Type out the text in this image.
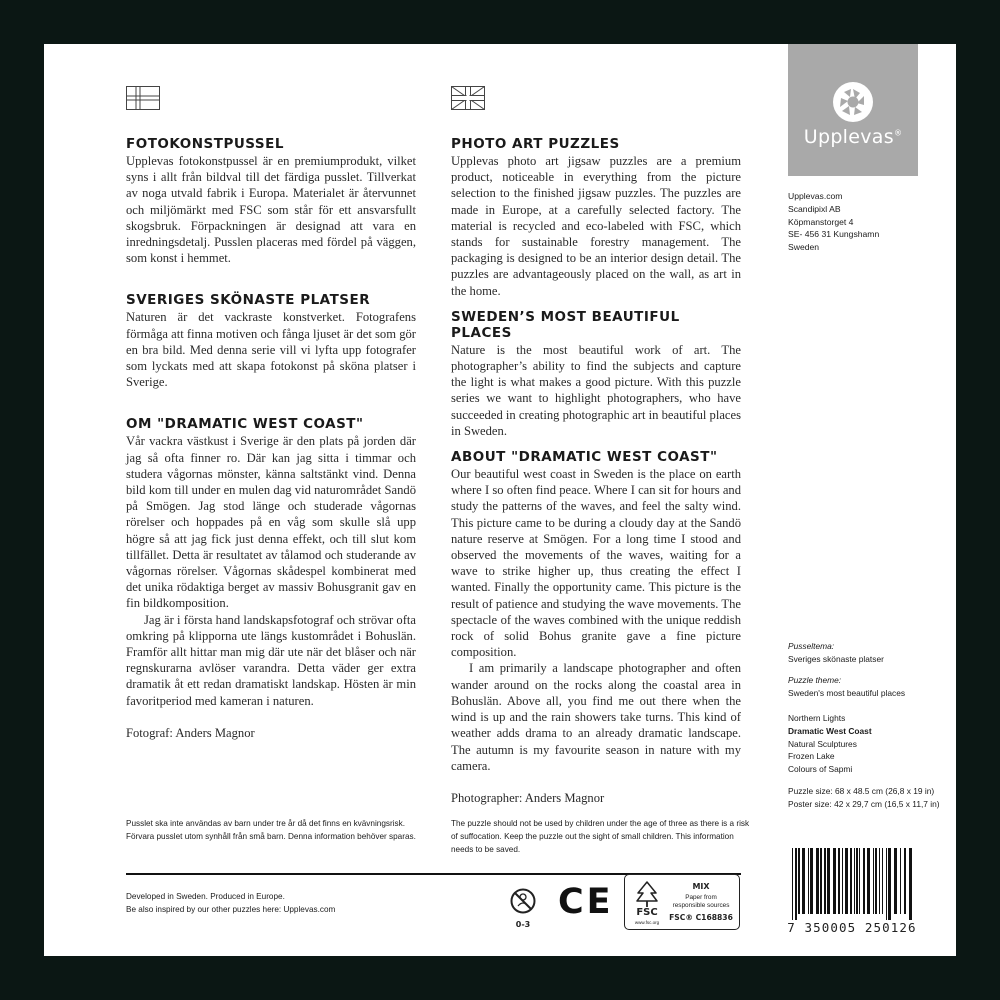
FOTOKONSTPUSSEL

Upplevas fotokonstpussel är en premiumprodukt, vilket syns i allt från bildval till det färdiga pusslet. Tillverkat av noga utvald fabrik i Europa. Materialet är återvunnet och miljömärkt med FSC som står för ett ansvarsfullt skogsbruk. Förpackningen är designad att vara en inredningsdetalj. Pusslen placeras med fördel på väggen, som konst i hemmet.

SVERIGES SKÖNASTE PLATSER

Naturen är det vackraste konstverket. Fotografens förmåga att finna motiven och fånga ljuset är det som gör en bra bild. Med denna serie vill vi lyfta upp fotografer som lyckats med att skapa fotokonst på sköna platser i Sverige.

OM "DRAMATIC WEST COAST"

Vår vackra västkust i Sverige är den plats på jorden där jag så ofta finner ro. Där kan jag sitta i timmar och studera vågornas mönster, känna saltstänkt vind. Denna bild kom till under en mulen dag vid naturområdet Sandö på Smögen. Jag stod länge och studerade vågornas rörelser och hoppades på en våg som skulle slå upp högre så att jag fick just denna effekt, och till slut kom tillfället. Detta är resultatet av tålamod och studerande av vågornas rörelser. Vågornas skådespel kombinerat med det unika rödaktiga berget av massiv Bohusgranit gav en fin bildkomposition.

Jag är i första hand landskapsfotograf och strövar ofta omkring på klipporna ute längs kustområdet i Bohuslän. Framför allt hittar man mig där ute när det blåser och när regnskurarna avlöser varandra. Detta väder ger extra dramatik åt ett redan dramatiskt landskap. Hösten är min favoritperiod med kameran i naturen.

Fotograf: Anders Magnor

PHOTO ART PUZZLES

Upplevas photo art jigsaw puzzles are a premium product, noticeable in everything from the picture selection to the finished jigsaw puzzles. The puzzles are made in Europe, at a carefully selected factory. The material is recycled and eco-labeled with FSC, which stands for sustainable forestry management. The packaging is designed to be an interior design detail. The puzzles are advantageously placed on the wall, as art in the home.

SWEDEN’S MOST BEAUTIFUL PLACES

Nature is the most beautiful work of art. The photographer’s ability to find the subjects and capture the light is what makes a good picture. With this puzzle series we want to highlight photographers, who have succeeded in creating photographic art in beautiful places in Sweden.

ABOUT "DRAMATIC WEST COAST"

Our beautiful west coast in Sweden is the place on earth where I so often find peace. Where I can sit for hours and study the patterns of the waves, and feel the salty wind. This picture came to be during a cloudy day at the Sandö nature reserve at Smögen. For a long time I stood and observed the movements of the waves, waiting for a wave to strike higher up, thus creating the effect I wanted. Finally the opportunity came. This picture is the result of patience and studying the wave movements. The spectacle of the waves combined with the unique reddish rock of solid Bohus granite gave a fine picture composition.

I am primarily a landscape photographer and often wander around on the rocks along the coastal area in Bohuslän. Above all, you find me out there when the wind is up and the rain showers take turns. This kind of weather adds drama to an already dramatic landscape. The autumn is my favourite season in nature with my camera.

Photographer: Anders Magnor

Upplevas®
Upplevas.com
Scandipixl AB
Köpmanstorget 4
SE- 456 31 Kungshamn
Sweden
Pusseltema:
Sveriges skönaste platser
Puzzle theme:
Sweden's most beautiful places
Northern Lights
Dramatic West Coast
Natural Sculptures
Frozen Lake
Colours of Sapmi
Puzzle size: 68 x 48.5 cm (26,8 x 19 in)
Poster size: 42 x 29,7 cm (16,5 x 11,7 in)
Pusslet ska inte användas av barn under tre år då det finns en kvävningsrisk.
Förvara pusslet utom synhåll från små barn. Denna information behöver sparas.
The puzzle should not be used by children under the age of three as there is a risk
of suffocation. Keep the puzzle out the sight of small children. This information
needs to be saved.
Developed in Sweden. Produced in Europe.
Be also inspired by our other puzzles here: Upplevas.com
0-3
CE	FSC
www.fsc.org
MIX
Paper from
responsible sources
FSC® C168836
7 350005 250126
